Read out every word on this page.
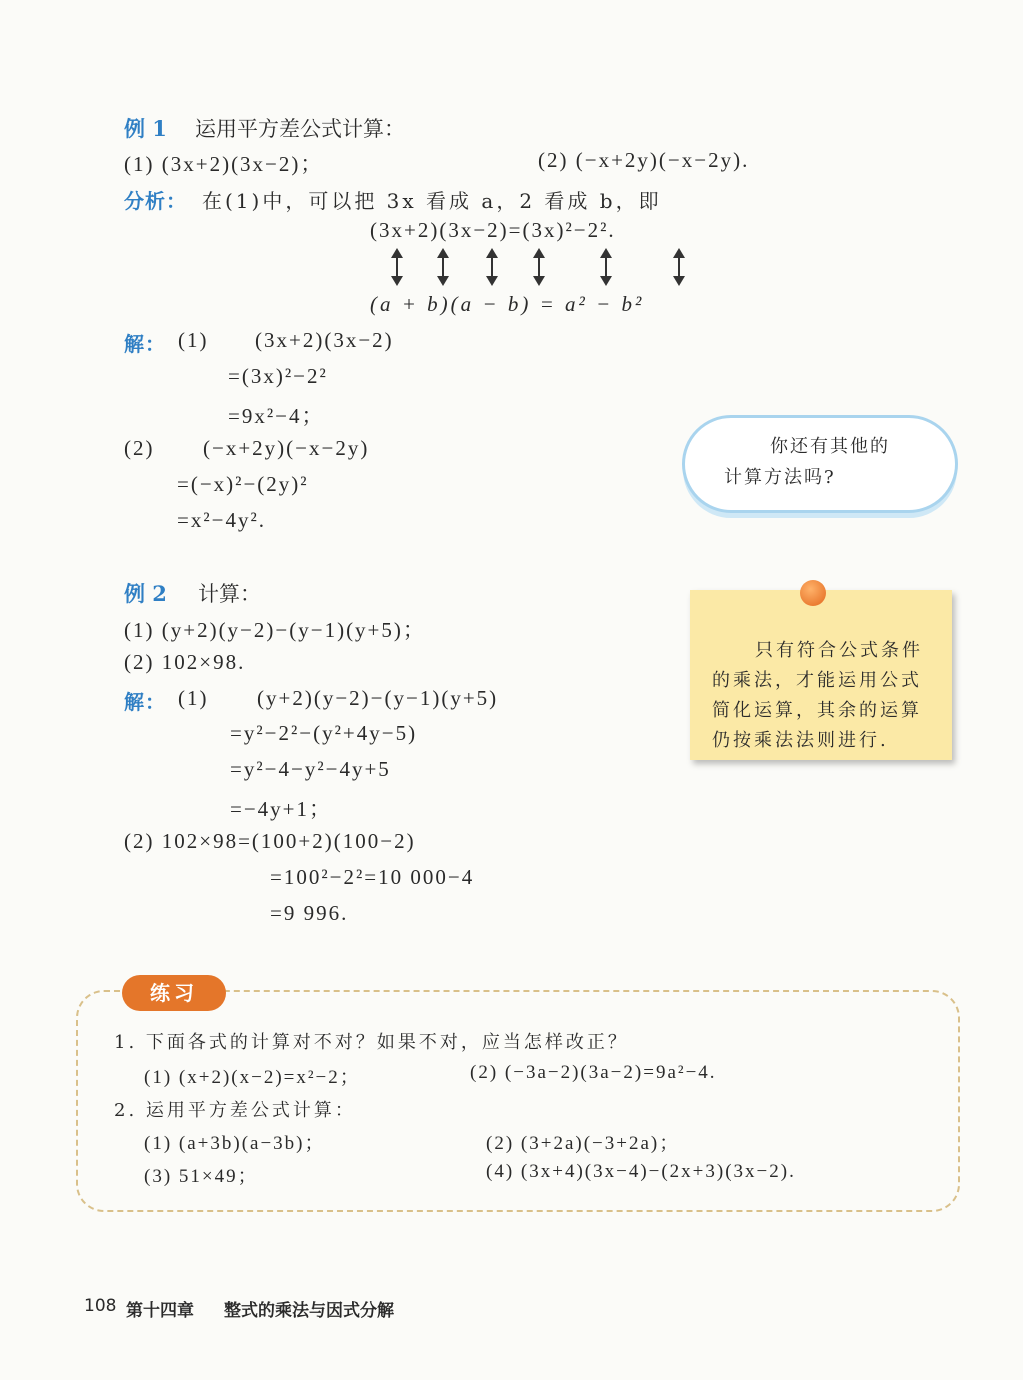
例 1 运用平方差公式计算：
(1) (3x+2)(3x−2)；	(2) (−x+2y)(−x−2y).
分析： 在(1)中，可以把 3x 看成 a，2 看成 b，即
(3x+2)(3x−2)=(3x)²−2².
(a + b)(a − b) = a² − b²
解： (1) (3x+2)(3x−2)
=(3x)²−2²
=9x²−4；
(2) (−x+2y)(−x−2y)
=(−x)²−(2y)²
=x²−4y².
你还有其他的
计算方法吗?
例 2 计算：
(1) (y+2)(y−2)−(y−1)(y+5)；
(2) 102×98.
解： (1) (y+2)(y−2)−(y−1)(y+5)
=y²−2²−(y²+4y−5)
=y²−4−y²−4y+5
=−4y+1；
(2) 102×98=(100+2)(100−2)
=100²−2²=10 000−4
=9 996.
只有符合公式条件
的乘法，才能运用公式
简化运算，其余的运算
仍按乘法法则进行.
练习
1. 下面各式的计算对不对？如果不对，应当怎样改正？
(1) (x+2)(x−2)=x²−2；	(2) (−3a−2)(3a−2)=9a²−4.
2. 运用平方差公式计算：
(1) (a+3b)(a−3b)；	(2) (3+2a)(−3+2a)；
(3) 51×49；	(4) (3x+4)(3x−4)−(2x+3)(3x−2).
108 第十四章 整式的乘法与因式分解
